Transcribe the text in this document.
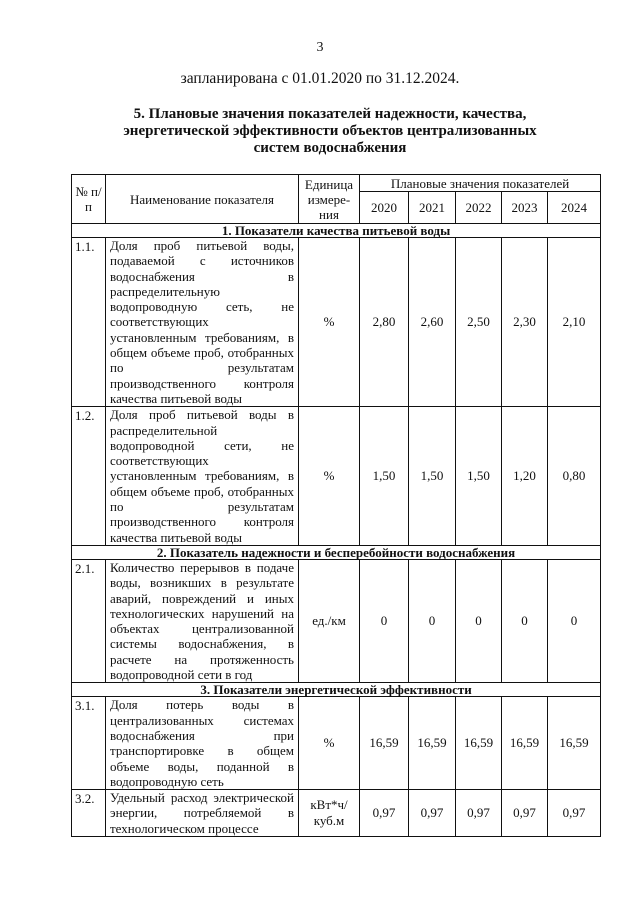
3
запланирована с 01.01.2020 по 31.12.2024.
5. Плановые значения показателей надежности, качества,
энергетической эффективности объектов централизованных
систем водоснабжения
№ п/п	Наименование показателя	Единица измере-ния	Плановые значения показателей				
			2020	2021	2022	2023	2024
1. Показатели качества питьевой воды							
1.1.	Доля проб питьевой воды, подаваемой с источников водоснабжения в распределительную водопроводную сеть, не соответствующих установленным требованиям, в общем объеме проб, отобранных по результатам производственного контроля качества питьевой воды	%	2,80	2,60	2,50	2,30	2,10
1.2.	Доля проб питьевой воды в распределительной водопроводной сети, не соответствующих установленным требованиям, в общем объеме проб, отобранных по результатам производственного контроля качества питьевой воды	%	1,50	1,50	1,50	1,20	0,80
2. Показатель надежности и бесперебойности водоснабжения							
2.1.	Количество перерывов в подаче воды, возникших в результате аварий, повреждений и иных технологических нарушений на объектах централизованной системы водоснабжения, в расчете на протяженность водопроводной сети в год	ед./км	0	0	0	0	0
3. Показатели энергетической эффективности							
3.1.	Доля потерь воды в централизованных системах водоснабжения при транспортировке в общем объеме воды, поданной в водопроводную сеть	%	16,59	16,59	16,59	16,59	16,59
3.2.	Удельный расход электрической энергии, потребляемой в технологическом процессе	кВт*ч/ куб.м	0,97	0,97	0,97	0,97	0,97
